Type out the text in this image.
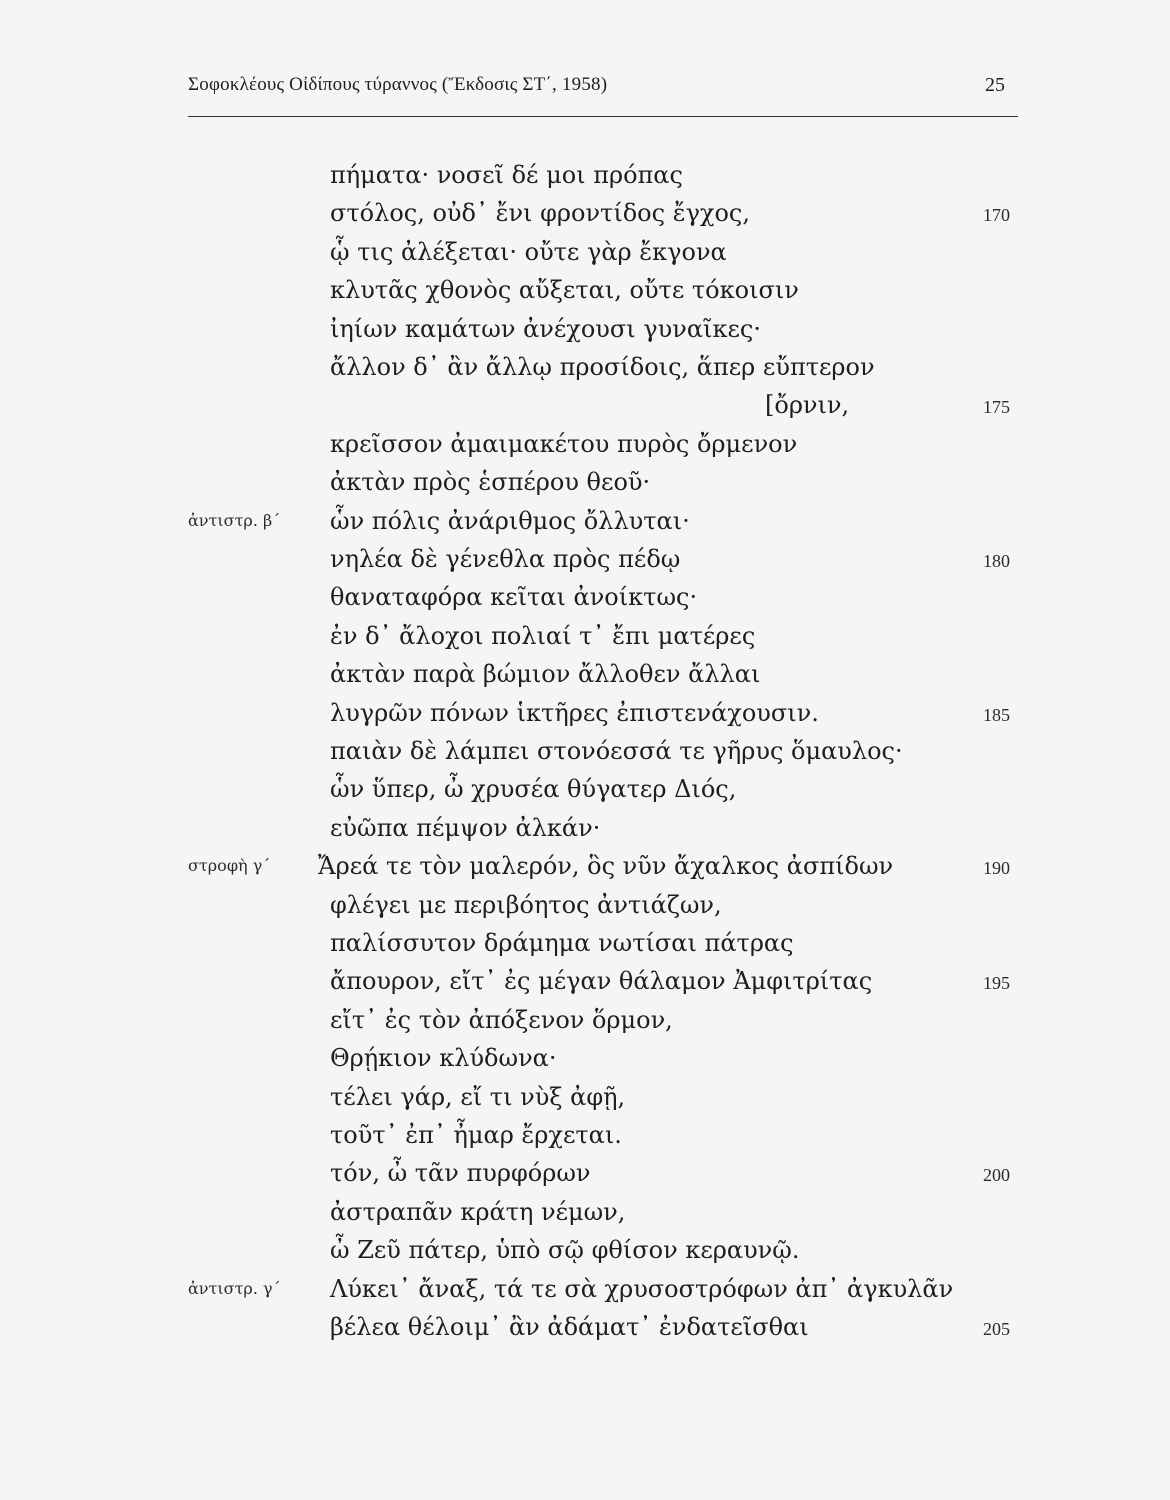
Σοφοκλέους Οἰδίπους τύραννος (Ἔκδοσις ΣΤ΄, 1958)	25
πήματα· νοσεῖ δέ μοι πρόπας
στόλος, οὐδ᾽ ἔνι φροντίδος ἔγχος,	170
ᾧ τις ἀλέξεται· οὔτε γὰρ ἔκγονα
κλυτᾶς χθονὸς αὔξεται, οὔτε τόκοισιν
ἰηίων καμάτων ἀνέχουσι γυναῖκες·
ἄλλον δ᾽ ἂν ἄλλῳ προσίδοις, ἅπερ εὔπτερον
[ὄρνιν,	175
κρεῖσσον ἀμαιμακέτου πυρὸς ὄρμενον
ἀκτὰν πρὸς ἑσπέρου θεοῦ·
ἀντιστρ. β΄ ὧν πόλις ἀνάριθμος ὄλλυται·
νηλέα δὲ γένεθλα πρὸς πέδῳ	180
θαναταφόρα κεῖται ἀνοίκτως·
ἐν δ᾽ ἄλοχοι πολιαί τ᾽ ἔπι ματέρες
ἀκτὰν παρὰ βώμιον ἄλλοθεν ἄλλαι
λυγρῶν πόνων ἱκτῆρες ἐπιστενάχουσιν.	185
παιὰν δὲ λάμπει στονόεσσά τε γῆρυς ὅμαυλος·
ὧν ὕπερ, ὦ χρυσέα θύγατερ Διός,
εὐῶπα πέμψον ἀλκάν·
στροφὴ γ΄ Ἄρεά τε τὸν μαλερόν, ὃς νῦν ἄχαλκος ἀσπίδων	190
φλέγει με περιβόητος ἀντιάζων,
παλίσσυτον δράμημα νωτίσαι πάτρας
ἄπουρον, εἴτ᾽ ἐς μέγαν θάλαμον Ἀμφιτρίτας	195
εἴτ᾽ ἐς τὸν ἀπόξενον ὅρμον,
Θρῄκιον κλύδωνα·
τέλει γάρ, εἴ τι νὺξ ἀφῇ,
τοῦτ᾽ ἐπ᾽ ἦμαρ ἔρχεται.
τόν, ὦ τᾶν πυρφόρων	200
ἀστραπᾶν κράτη νέμων,
ὦ Ζεῦ πάτερ, ὑπὸ σῷ φθίσον κεραυνῷ.
ἀντιστρ. γ΄ Λύκει᾽ ἄναξ, τά τε σὰ χρυσοστρόφων ἀπ᾽ ἀγκυλᾶν
βέλεα θέλοιμ᾽ ἂν ἀδάματ᾽ ἐνδατεῖσθαι	205
